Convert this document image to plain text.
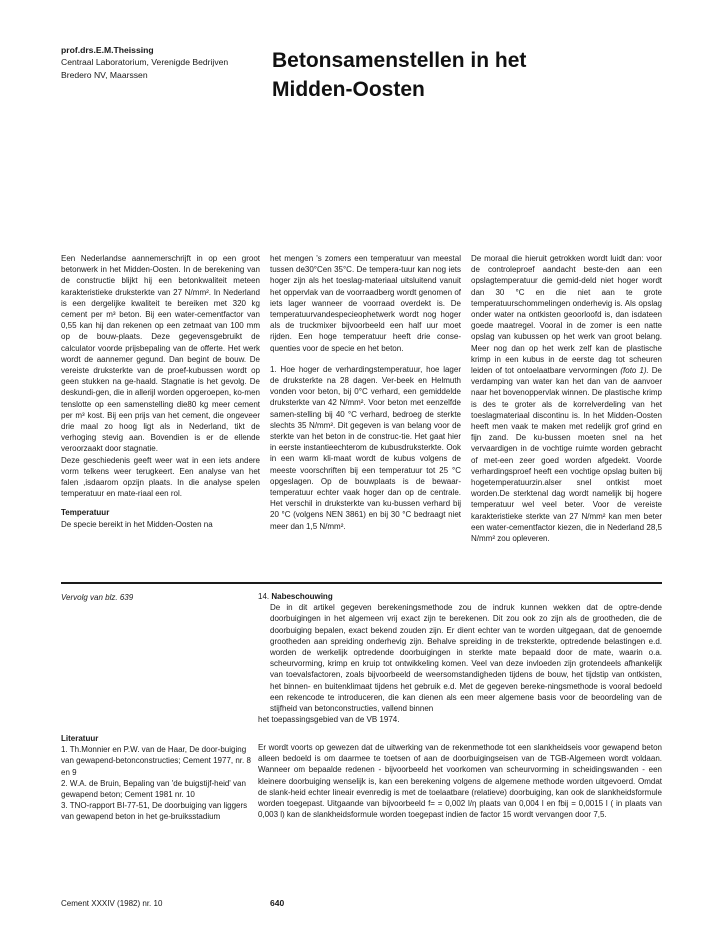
prof.drs.E.M.Theissing
Centraal Laboratorium, Verenigde Bedrijven
Bredero NV, Maarssen
Betonsamenstellen in het
Midden-Oosten

Een Nederlandse aannemerschrijft in op een groot betonwerk in het Midden-Oosten. In de berekening van de constructie blijkt hij een betonkwaliteit meteen karakteristieke druksterkte van 27 N/mm². In Nederland is een dergelijke kwaliteit te bereiken met 320 kg cement per m³ beton. Bij een water-cementfactor van 0,55 kan hij dan rekenen op een zetmaat van 100 mm op de bouw-plaats. Deze gegevensgebruikt de calculator voorde prijsbepaling van de offerte. Het werk wordt de aannemer gegund. Dan begint de bouw. De vereiste druksterkte van de proef-kubussen wordt op geen stukken na ge-haald. Stagnatie is het gevolg. De deskundi-gen, die in allerijl worden opgeroepen, ko-men tenslotte op een samenstelling die80 kg meer cement per m³ kost. Bij een prijs van het cement, die ongeveer drie maal zo hoog ligt als in Nederland, tikt de verhoging stevig aan. Bovendien is er de ellende veroorzaakt door stagnatie.

Deze geschiedenis geeft weer wat in een iets andere vorm telkens weer terugkeert. Een analyse van het falen ,isdaarom opzijn plaats. In die analyse spelen temperatuur en mate-riaal een rol.

Temperatuur

De specie bereikt in het Midden-Oosten na

het mengen 's zomers een temperatuur van meestal tussen de30°Cen 35°C. De tempera-tuur kan nog iets hoger zijn als het toeslag-materiaal uitsluitend vanuit het oppervlak van de voorraadberg wordt genomen of iets lager wanneer de voorraad overdekt is. De temperatuurvandespecieophetwerk wordt nog hoger als de truckmixer bijvoorbeeld een half uur moet rijden. Een hoge temperatuur heeft drie conse-quenties voor de specie en het beton.

1. Hoe hoger de verhardingstemperatuur, hoe lager de druksterkte na 28 dagen. Ver-beek en Helmuth vonden voor beton, bij 0°C verhard, een gemiddelde druksterkte van 42 N/mm². Voor beton met eenzelfde samen-stelling bij 40 °C verhard, bedroeg de sterkte slechts 35 N/mm². Dit gegeven is van belang voor de sterkte van het beton in de construc-tie. Het gaat hier in eerste instantieechterom de kubusdruksterkte. Ook in een warm kli-maat wordt de kubus volgens de meeste voorschriften bij een temperatuur tot 25 °C opgeslagen. Op de bouwplaats is de bewaar-temperatuur echter vaak hoger dan op de centrale. Het verschil in druksterkte van ku-bussen verhard bij 20 °C (volgens NEN 3861) en bij 30 °C bedraagt niet meer dan 1,5 N/mm².

De moraal die hieruit getrokken wordt luidt dan: voor de controleproef aandacht beste-den aan een opslagtemperatuur die gemid-deld niet hoger wordt dan 30 °C en die niet aan te grote temperatuurschommelingen onderhevig is. Als opslag onder water na ontkisten geoorloofd is, dan isdateen goede maatregel. Vooral in de zomer is een natte opslag van kubussen op het werk van groot belang. Meer nog dan op het werk zelf kan de plastische krimp in een kubus in de eerste dag tot scheuren leiden of tot ontoelaatbare vervormingen (foto 1). De verdamping van water kan het dan van de aanvoer naar het bovenoppervlak winnen. De plastische krimp is des te groter als de korrelverdeling van het toeslagmateriaal discontinu is. In het Midden-Oosten heeft men vaak te maken met redelijk grof grind en fijn zand. De ku-bussen moeten snel na het vervaardigen in de vochtige ruimte worden gebracht of met-een zeer goed worden afgedekt. Voorde verhardingsproef heeft een vochtige opslag buiten bij hogetemperatuurzin.alser snel ontkist moet worden.De sterktenal dag wordt namelijk bij hogere temperatuur wel veel beter. Voor de vereiste karakteristieke sterkte van 27 N/mm² kan men beter een water-cementfactor kiezen, die in Nederland 28,5 N/mm² zou opleveren.

Vervolg van blz. 639	14. Nabeschouwing
De in dit artikel gegeven berekeningsmethode zou de indruk kunnen wekken dat de optre-dende doorbuigingen in het algemeen vrij exact zijn te berekenen. Dit zou ook zo zijn als de grootheden, die de doorbuiging bepalen, exact bekend zouden zijn. Er dient echter van te worden uitgegaan, dat de genoemde grootheden aan spreiding onderhevig zijn. Behalve spreiding in de treksterkte, optredende belastingen e.d. worden de werkelijk optredende doorbuigingen in sterkte mate bepaald door de mate, waarin o.a. scheurvorming, krimp en kruip tot ontwikkeling komen. Veel van deze invloeden zijn grotendeels afhankelijk van toevalsfactoren, zoals bijvoorbeeld de weersomstandigheden tijdens de bouw, het tijdstip van ontkisten, het binnen- en buitenklimaat tijdens het gebruik e.d. Met de gegeven bereke-ningsmethode is vooral bedoeld een rekencode te introduceren, die kan dienen als een meer algemene basis voor de beoordeling van de stijfheid van betonconstructies, vallend binnen
het toepassingsgebied van de VB 1974.
Literatuur

1. Th.Monnier en P.W. van de Haar, De door-buiging van gewapend-betonconstructies; Cement 1977, nr. 8 en 9

2. W.A. de Bruin, Bepaling van 'de buigstijf-heid' van gewapend beton; Cement 1981 nr. 10

3. TNO-rapport BI-77-51, De doorbuiging van liggers van gewapend beton in het ge-bruiksstadium

Er wordt voorts op gewezen dat de uitwerking van de rekenmethode tot een slankheidseis voor gewapend beton alleen bedoeld is om daarmee te toetsen of aan de doorbuigingseisen van de TGB-Algemeen wordt voldaan. Wanneer om bepaalde redenen - bijvoorbeeld het voorkomen van scheurvorming in scheidingswanden - een kleinere doorbuiging wenselijk is, kan een berekening volgens de algemene methode worden uitgevoerd. Omdat de slank-heid echter lineair evenredig is met de toelaatbare (relatieve) doorbuiging, kan ook de slankheidsformule worden toegepast. Uitgaande van bijvoorbeeld f= = 0,002 l/η plaats van 0,004 l en fbij = 0,0015 l ( in plaats van 0,003 l) kan de slankheidsformule worden toegepast indien de factor 15 wordt vervangen door 7,5.
Cement XXXIV (1982) nr. 10	640
